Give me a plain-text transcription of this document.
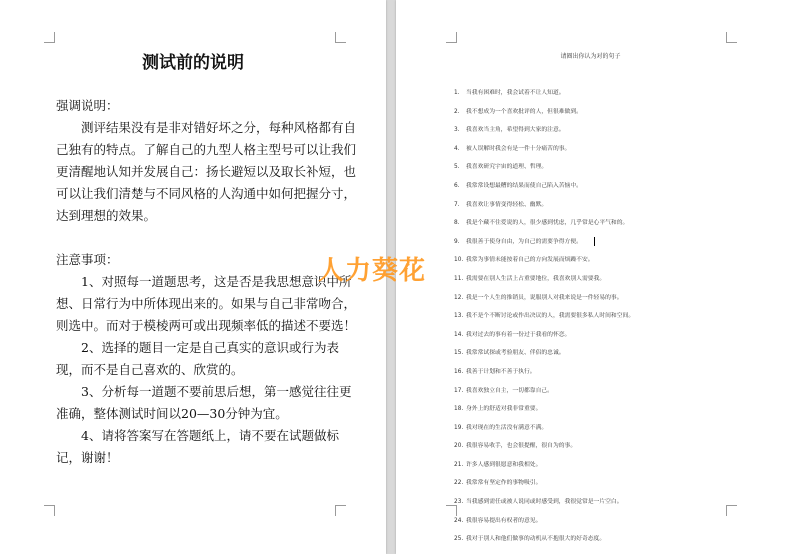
测试前的说明

强调说明：

测评结果没有是非对错好坏之分，每种风格都有自己独有的特点。了解自己的九型人格主型号可以让我们更清醒地认知并发展自己：扬长避短以及取长补短，也可以让我们清楚与不同风格的人沟通中如何把握分寸，达到理想的效果。

注意事项：

1、对照每一道题思考，这是否是我思想意识中所想、日常行为中所体现出来的。如果与自己非常吻合，则选中。而对于模棱两可或出现频率低的描述不要选！

2、选择的题目一定是自己真实的意识或行为表现，而不是自己喜欢的、欣赏的。

3、分析每一道题不要前思后想，第一感觉往往更准确，整体测试时间以20—30分钟为宜。

4、请将答案写在答题纸上，请不要在试题做标记，谢谢！

请圈出你认为对的句子
1. 当我有困难时，我会试着不让人知道。
2. 我不想成为一个喜欢批评的人，但很难做到。
3. 我喜欢当主角，希望得到大家的注意。
4. 被人误解时我会有是一件十分痛苦的事。
5. 我喜欢研究宇宙的道理、哲理。
6. 我常常设想最糟的结果而使自己陷入苦恼中。
7. 我喜欢让事情变得轻松、幽默。
8. 我是个藏不住爱说的人，很少感到忧虑，几乎常是心平气和的。
9. 我很善于使身自由，为自己的需要争得方便。
10. 我常为事情未能按着自己的方向发展而烦躁不安。
11. 我需要在别人生活上占重要地位，我喜欢别人需要我。
12. 我是一个人生的推销员，说服别人对我来说是一件轻易的事。
13. 我不是个不断讨论或作出决议的人，我需要很多私人时间和空间。
14. 我对过去的事有着一份过于我看的怀恋。
15. 我常常试探或考验朋友、伴侣的忠诚。
16. 我善于计划和不善于执行。
17. 我喜欢独立自主，一切都靠自己。
18. 身外上的舒适对我非常重要。
19. 我对现在的生活没有满意不满。
20. 我很容易收手，也会很提醒，很自为的事。
21. 许多人感到很愿意和我相处。
22. 我常常有坚定作的事物吸引。
23. 当我感到需任或被人说同或时感受到，我很觉常是一片空白。
24. 我很容易提出有权者的意见。
25. 我对于别人和他们做事的动机从不抱很大的好奇态度。
人力葵花
